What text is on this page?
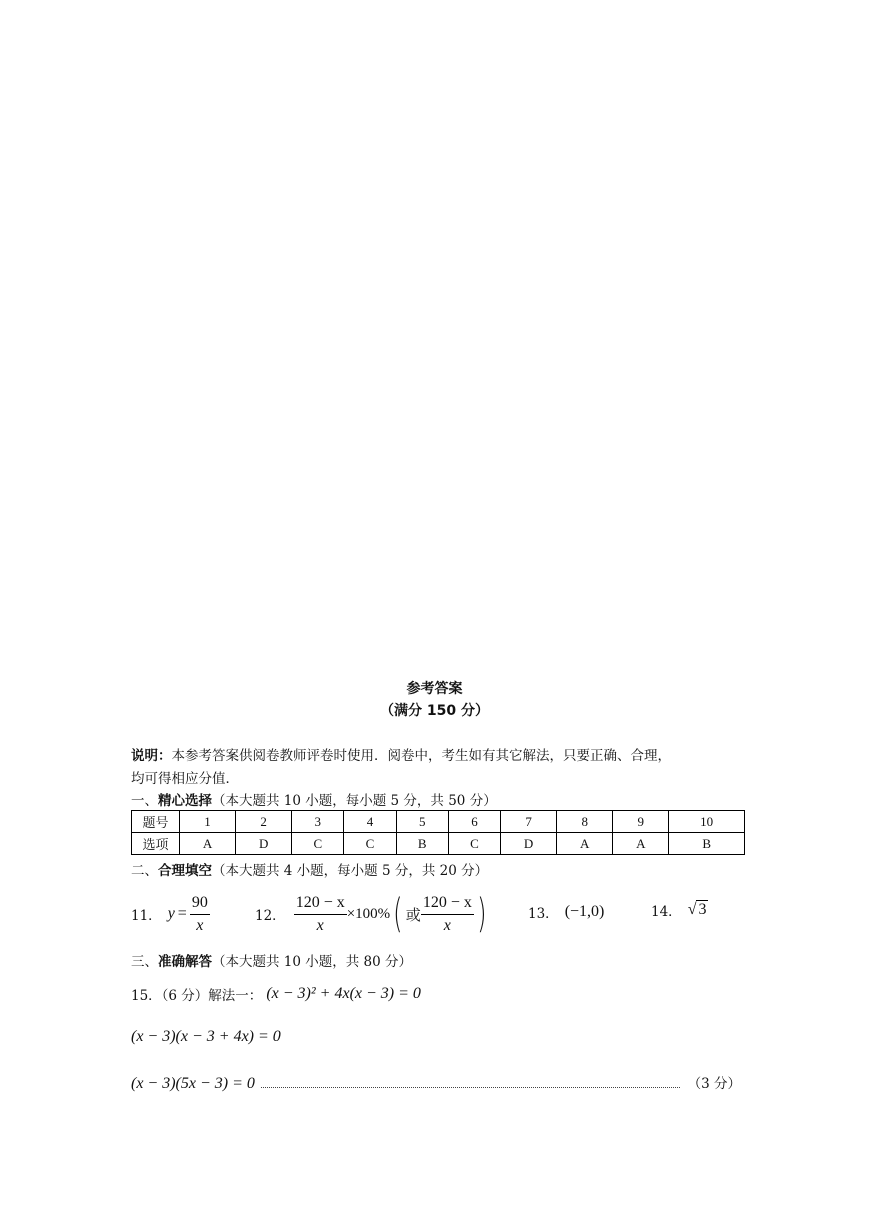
参考答案
（满分 150 分）
说明：本参考答案供阅卷教师评卷时使用．阅卷中，考生如有其它解法，只要正确、合理，
均可得相应分值．
一、精心选择（本大题共 10 小题，每小题 5 分，共 50 分）
题号	1	2	3	4	5	6	7	8	9	10
选项	A	D	C	C	B	C	D	A	A	B
二、合理填空（本大题共 4 小题，每小题 5 分，共 20 分）
11． $y = \frac{90}{x}$	12． $\frac{120 - x}{x} \times 100\%$ ( 或 $\frac{120 - x}{x}$ )	13． (−1,0)	14． √ 3
三、准确解答（本大题共 10 小题，共 80 分）
15．（6 分）解法一： (x − 3)² + 4x(x − 3) = 0
(x − 3)(x − 3 + 4x) = 0
(x − 3)(5x − 3) = 0	（3 分）
